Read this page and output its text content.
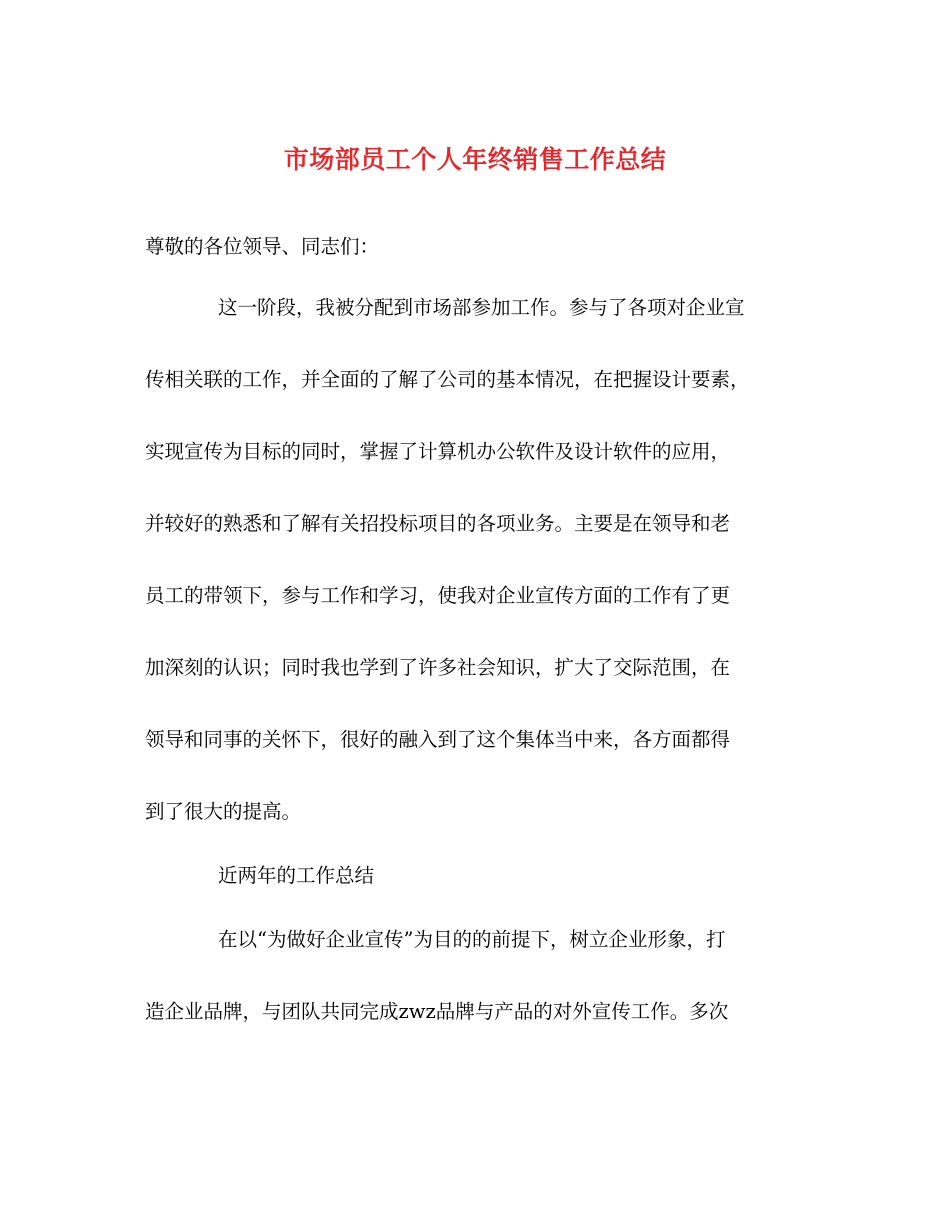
市场部员工个人年终销售工作总结
尊敬的各位领导、同志们：
这一阶段，我被分配到市场部参加工作。参与了各项对企业宣
传相关联的工作，并全面的了解了公司的基本情况，在把握设计要素，
实现宣传为目标的同时，掌握了计算机办公软件及设计软件的应用，
并较好的熟悉和了解有关招投标项目的各项业务。主要是在领导和老
员工的带领下，参与工作和学习，使我对企业宣传方面的工作有了更
加深刻的认识；同时我也学到了许多社会知识，扩大了交际范围，在
领导和同事的关怀下，很好的融入到了这个集体当中来，各方面都得
到了很大的提高。
近两年的工作总结
在以“为做好企业宣传”为目的的前提下，树立企业形象，打
造企业品牌，与团队共同完成zwz品牌与产品的对外宣传工作。多次
